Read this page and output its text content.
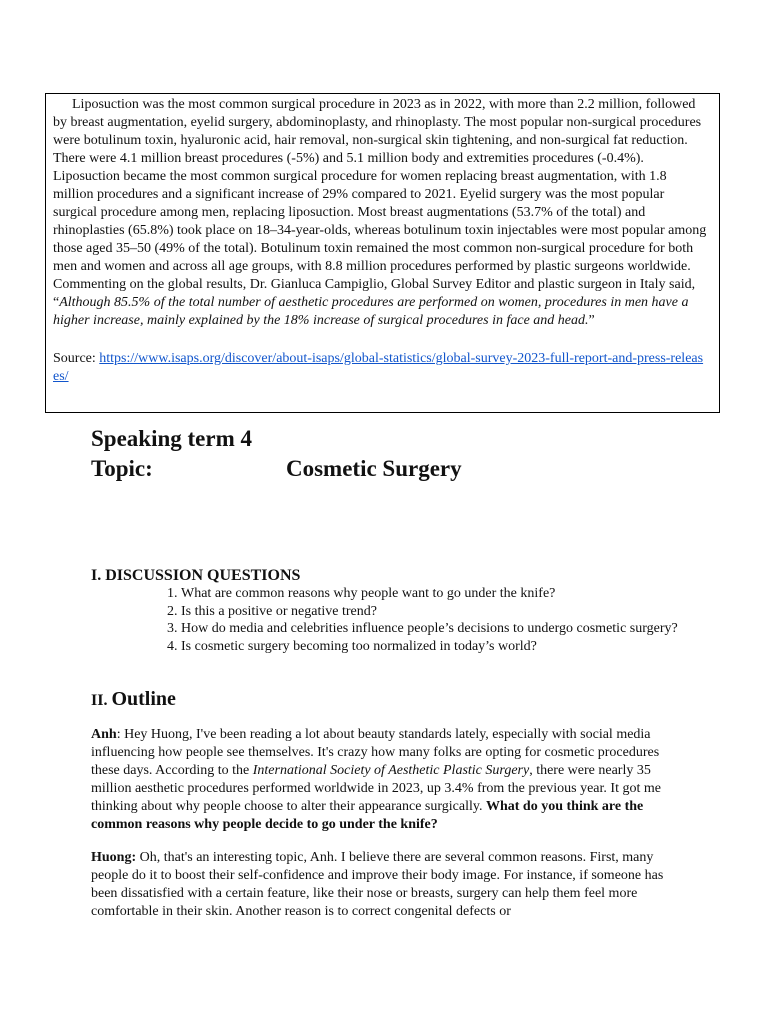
Liposuction was the most common surgical procedure in 2023 as in 2022, with more than 2.2 million, followed by breast augmentation, eyelid surgery, abdominoplasty, and rhinoplasty. The most popular non-surgical procedures were botulinum toxin, hyaluronic acid, hair removal, non-surgical skin tightening, and non-surgical fat reduction. There were 4.1 million breast procedures (-5%) and 5.1 million body and extremities procedures (-0.4%). Liposuction became the most common surgical procedure for women replacing breast augmentation, with 1.8 million procedures and a significant increase of 29% compared to 2021. Eyelid surgery was the most popular surgical procedure among men, replacing liposuction. Most breast augmentations (53.7% of the total) and rhinoplasties (65.8%) took place on 18–34-year-olds, whereas botulinum toxin injectables were most popular among those aged 35–50 (49% of the total). Botulinum toxin remained the most common non-surgical procedure for both men and women and across all age groups, with 8.8 million procedures performed by plastic surgeons worldwide. Commenting on the global results, Dr. Gianluca Campiglio, Global Survey Editor and plastic surgeon in Italy said, “Although 85.5% of the total number of aesthetic procedures are performed on women, procedures in men have a higher increase, mainly explained by the 18% increase of surgical procedures in face and head.”

Source: https://www.isaps.org/discover/about-isaps/global-statistics/global-survey-2023-full-report-and-press-releases/

Speaking term 4
Topic:	Cosmetic Surgery
I. DISCUSSION QUESTIONS
1. What are common reasons why people want to go under the knife?
2. Is this a positive or negative trend?
3. How do media and celebrities influence people’s decisions to undergo cosmetic surgery?
4. Is cosmetic surgery becoming too normalized in today’s world?
II. Outline

Anh: Hey Huong, I've been reading a lot about beauty standards lately, especially with social media influencing how people see themselves. It's crazy how many folks are opting for cosmetic procedures these days. According to the International Society of Aesthetic Plastic Surgery, there were nearly 35 million aesthetic procedures performed worldwide in 2023, up 3.4% from the previous year. It got me thinking about why people choose to alter their appearance surgically. What do you think are the common reasons why people decide to go under the knife?

Huong: Oh, that's an interesting topic, Anh. I believe there are several common reasons. First, many people do it to boost their self-confidence and improve their body image. For instance, if someone has been dissatisfied with a certain feature, like their nose or breasts, surgery can help them feel more comfortable in their skin. Another reason is to correct congenital defects or
